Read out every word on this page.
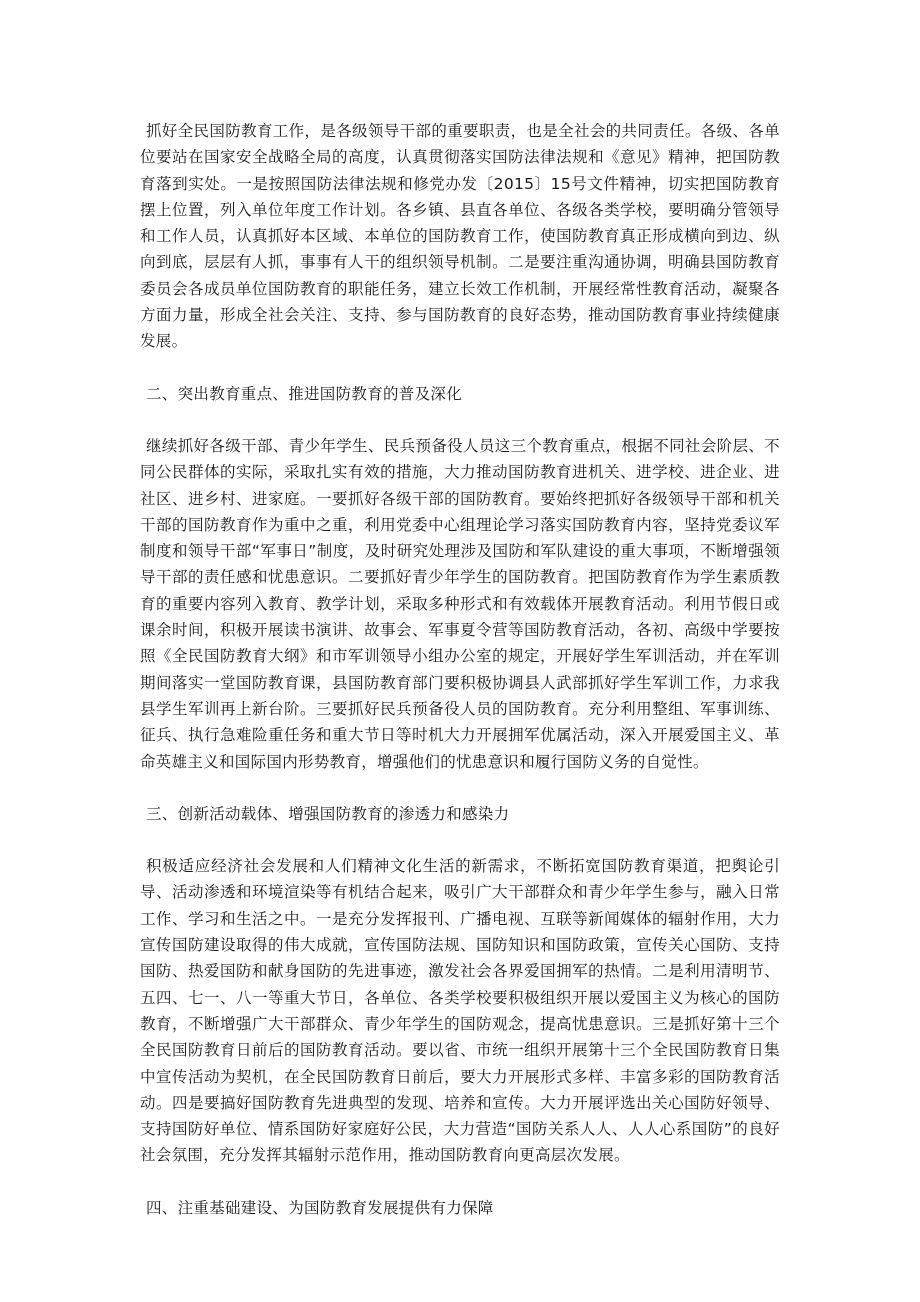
抓好全民国防教育工作，是各级领导干部的重要职责，也是全社会的共同责任。各级、各单位要站在国家安全战略全局的高度，认真贯彻落实国防法律法规和《意见》精神，把国防教育落到实处。一是按照国防法律法规和修党办发〔2015〕15号文件精神，切实把国防教育摆上位置，列入单位年度工作计划。各乡镇、县直各单位、各级各类学校，要明确分管领导和工作人员，认真抓好本区域、本单位的国防教育工作，使国防教育真正形成横向到边、纵向到底，层层有人抓，事事有人干的组织领导机制。二是要注重沟通协调，明确县国防教育委员会各成员单位国防教育的职能任务，建立长效工作机制，开展经常性教育活动，凝聚各方面力量，形成全社会关注、支持、参与国防教育的良好态势，推动国防教育事业持续健康发展。

二、突出教育重点、推进国防教育的普及深化

继续抓好各级干部、青少年学生、民兵预备役人员这三个教育重点，根据不同社会阶层、不同公民群体的实际，采取扎实有效的措施，大力推动国防教育进机关、进学校、进企业、进社区、进乡村、进家庭。一要抓好各级干部的国防教育。要始终把抓好各级领导干部和机关干部的国防教育作为重中之重，利用党委中心组理论学习落实国防教育内容，坚持党委议军制度和领导干部“军事日”制度，及时研究处理涉及国防和军队建设的重大事项，不断增强领导干部的责任感和忧患意识。二要抓好青少年学生的国防教育。把国防教育作为学生素质教育的重要内容列入教育、教学计划，采取多种形式和有效载体开展教育活动。利用节假日或课余时间，积极开展读书演讲、故事会、军事夏令营等国防教育活动，各初、高级中学要按照《全民国防教育大纲》和市军训领导小组办公室的规定，开展好学生军训活动，并在军训期间落实一堂国防教育课，县国防教育部门要积极协调县人武部抓好学生军训工作，力求我县学生军训再上新台阶。三要抓好民兵预备役人员的国防教育。充分利用整组、军事训练、征兵、执行急难险重任务和重大节日等时机大力开展拥军优属活动，深入开展爱国主义、革命英雄主义和国际国内形势教育，增强他们的忧患意识和履行国防义务的自觉性。

三、创新活动载体、增强国防教育的渗透力和感染力

积极适应经济社会发展和人们精神文化生活的新需求，不断拓宽国防教育渠道，把舆论引导、活动渗透和环境渲染等有机结合起来，吸引广大干部群众和青少年学生参与，融入日常工作、学习和生活之中。一是充分发挥报刊、广播电视、互联等新闻媒体的辐射作用，大力宣传国防建设取得的伟大成就，宣传国防法规、国防知识和国防政策，宣传关心国防、支持国防、热爱国防和献身国防的先进事迹，激发社会各界爱国拥军的热情。二是利用清明节、五四、七一、八一等重大节日，各单位、各类学校要积极组织开展以爱国主义为核心的国防教育，不断增强广大干部群众、青少年学生的国防观念，提高忧患意识。三是抓好第十三个全民国防教育日前后的国防教育活动。要以省、市统一组织开展第十三个全民国防教育日集中宣传活动为契机，在全民国防教育日前后，要大力开展形式多样、丰富多彩的国防教育活动。四是要搞好国防教育先进典型的发现、培养和宣传。大力开展评选出关心国防好领导、支持国防好单位、情系国防好家庭好公民，大力营造“国防关系人人、人人心系国防”的良好社会氛围，充分发挥其辐射示范作用，推动国防教育向更高层次发展。

四、注重基础建设、为国防教育发展提供有力保障
